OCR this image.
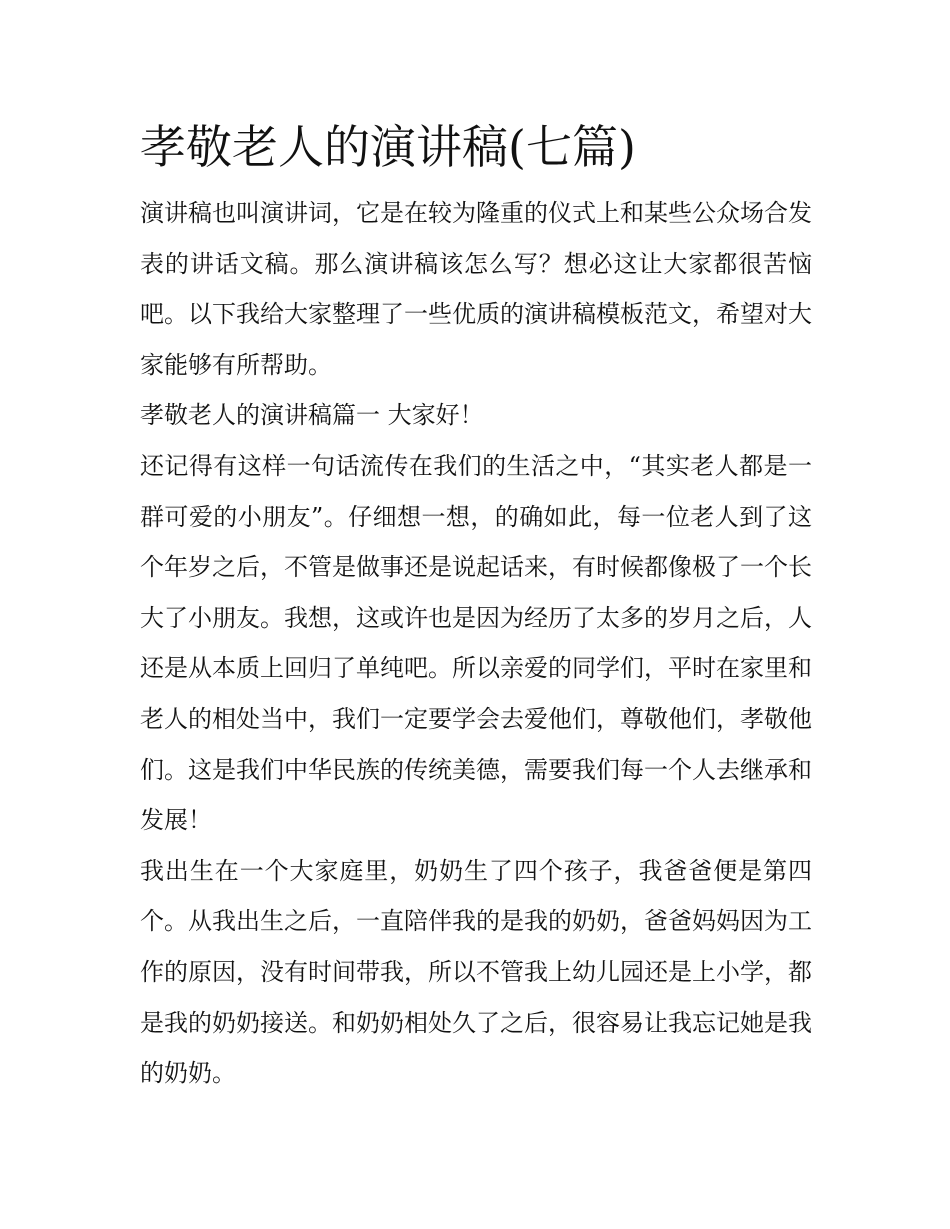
孝敬老人的演讲稿(七篇)

演讲稿也叫演讲词，它是在较为隆重的仪式上和某些公众场合发表的讲话文稿。那么演讲稿该怎么写？想必这让大家都很苦恼吧。以下我给大家整理了一些优质的演讲稿模板范文，希望对大家能够有所帮助。

孝敬老人的演讲稿篇一 大家好！

还记得有这样一句话流传在我们的生活之中，“其实老人都是一群可爱的小朋友”。仔细想一想，的确如此，每一位老人到了这个年岁之后，不管是做事还是说起话来，有时候都像极了一个长大了小朋友。我想，这或许也是因为经历了太多的岁月之后，人还是从本质上回归了单纯吧。所以亲爱的同学们，平时在家里和老人的相处当中，我们一定要学会去爱他们，尊敬他们，孝敬他们。这是我们中华民族的传统美德，需要我们每一个人去继承和发展！

我出生在一个大家庭里，奶奶生了四个孩子，我爸爸便是第四个。从我出生之后，一直陪伴我的是我的奶奶，爸爸妈妈因为工作的原因，没有时间带我，所以不管我上幼儿园还是上小学，都是我的奶奶接送。和奶奶相处久了之后，很容易让我忘记她是我的奶奶。
